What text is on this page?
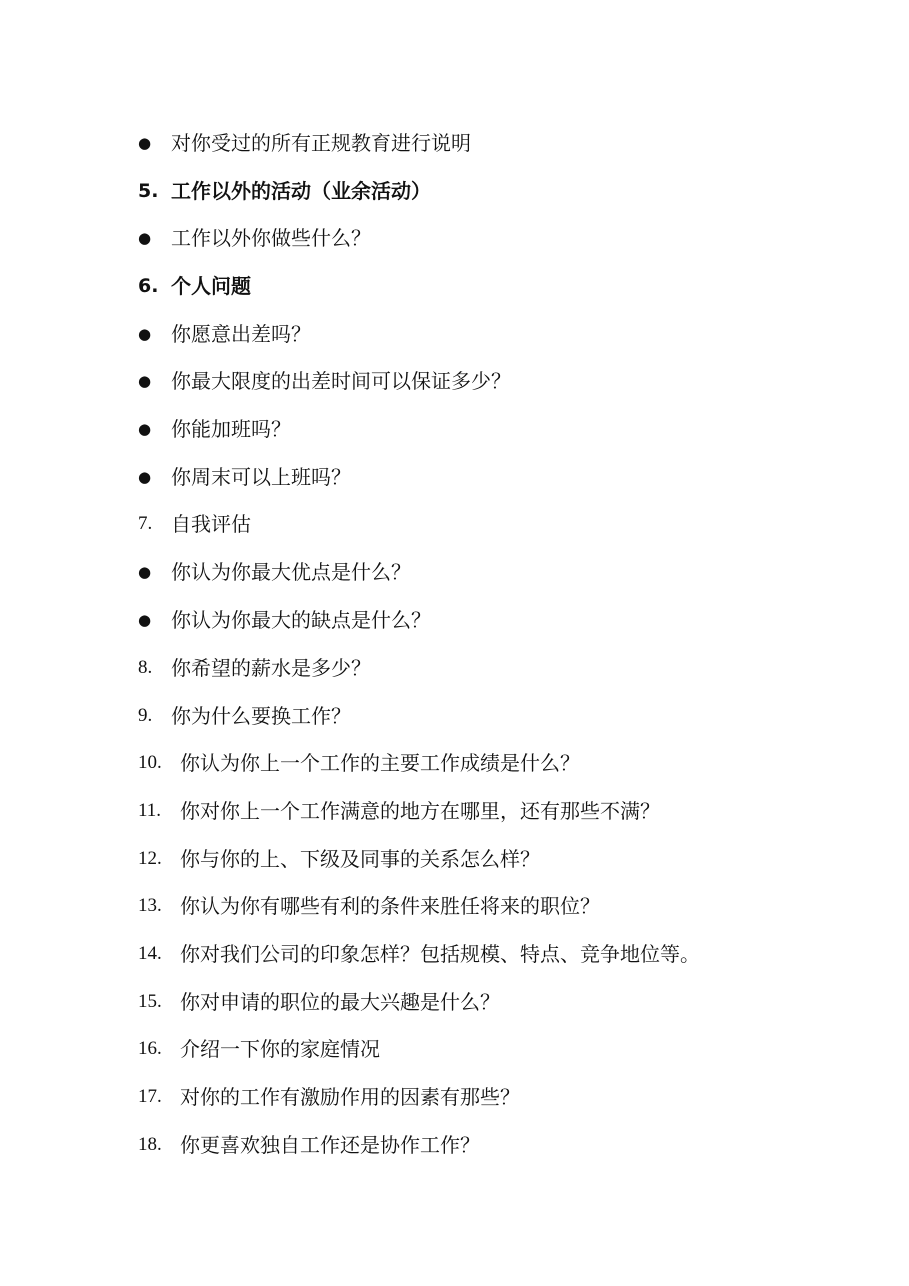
● 对你受过的所有正规教育进行说明
5. 工作以外的活动（业余活动）
● 工作以外你做些什么？
6. 个人问题
● 你愿意出差吗？
● 你最大限度的出差时间可以保证多少？
● 你能加班吗？
● 你周末可以上班吗？
7. 自我评估
● 你认为你最大优点是什么？
● 你认为你最大的缺点是什么？
8. 你希望的薪水是多少？
9. 你为什么要换工作？
10. 你认为你上一个工作的主要工作成绩是什么？
11. 你对你上一个工作满意的地方在哪里，还有那些不满？
12. 你与你的上、下级及同事的关系怎么样？
13. 你认为你有哪些有利的条件来胜任将来的职位？
14. 你对我们公司的印象怎样？包括规模、特点、竞争地位等。
15. 你对申请的职位的最大兴趣是什么？
16. 介绍一下你的家庭情况
17. 对你的工作有激励作用的因素有那些？
18. 你更喜欢独自工作还是协作工作？
